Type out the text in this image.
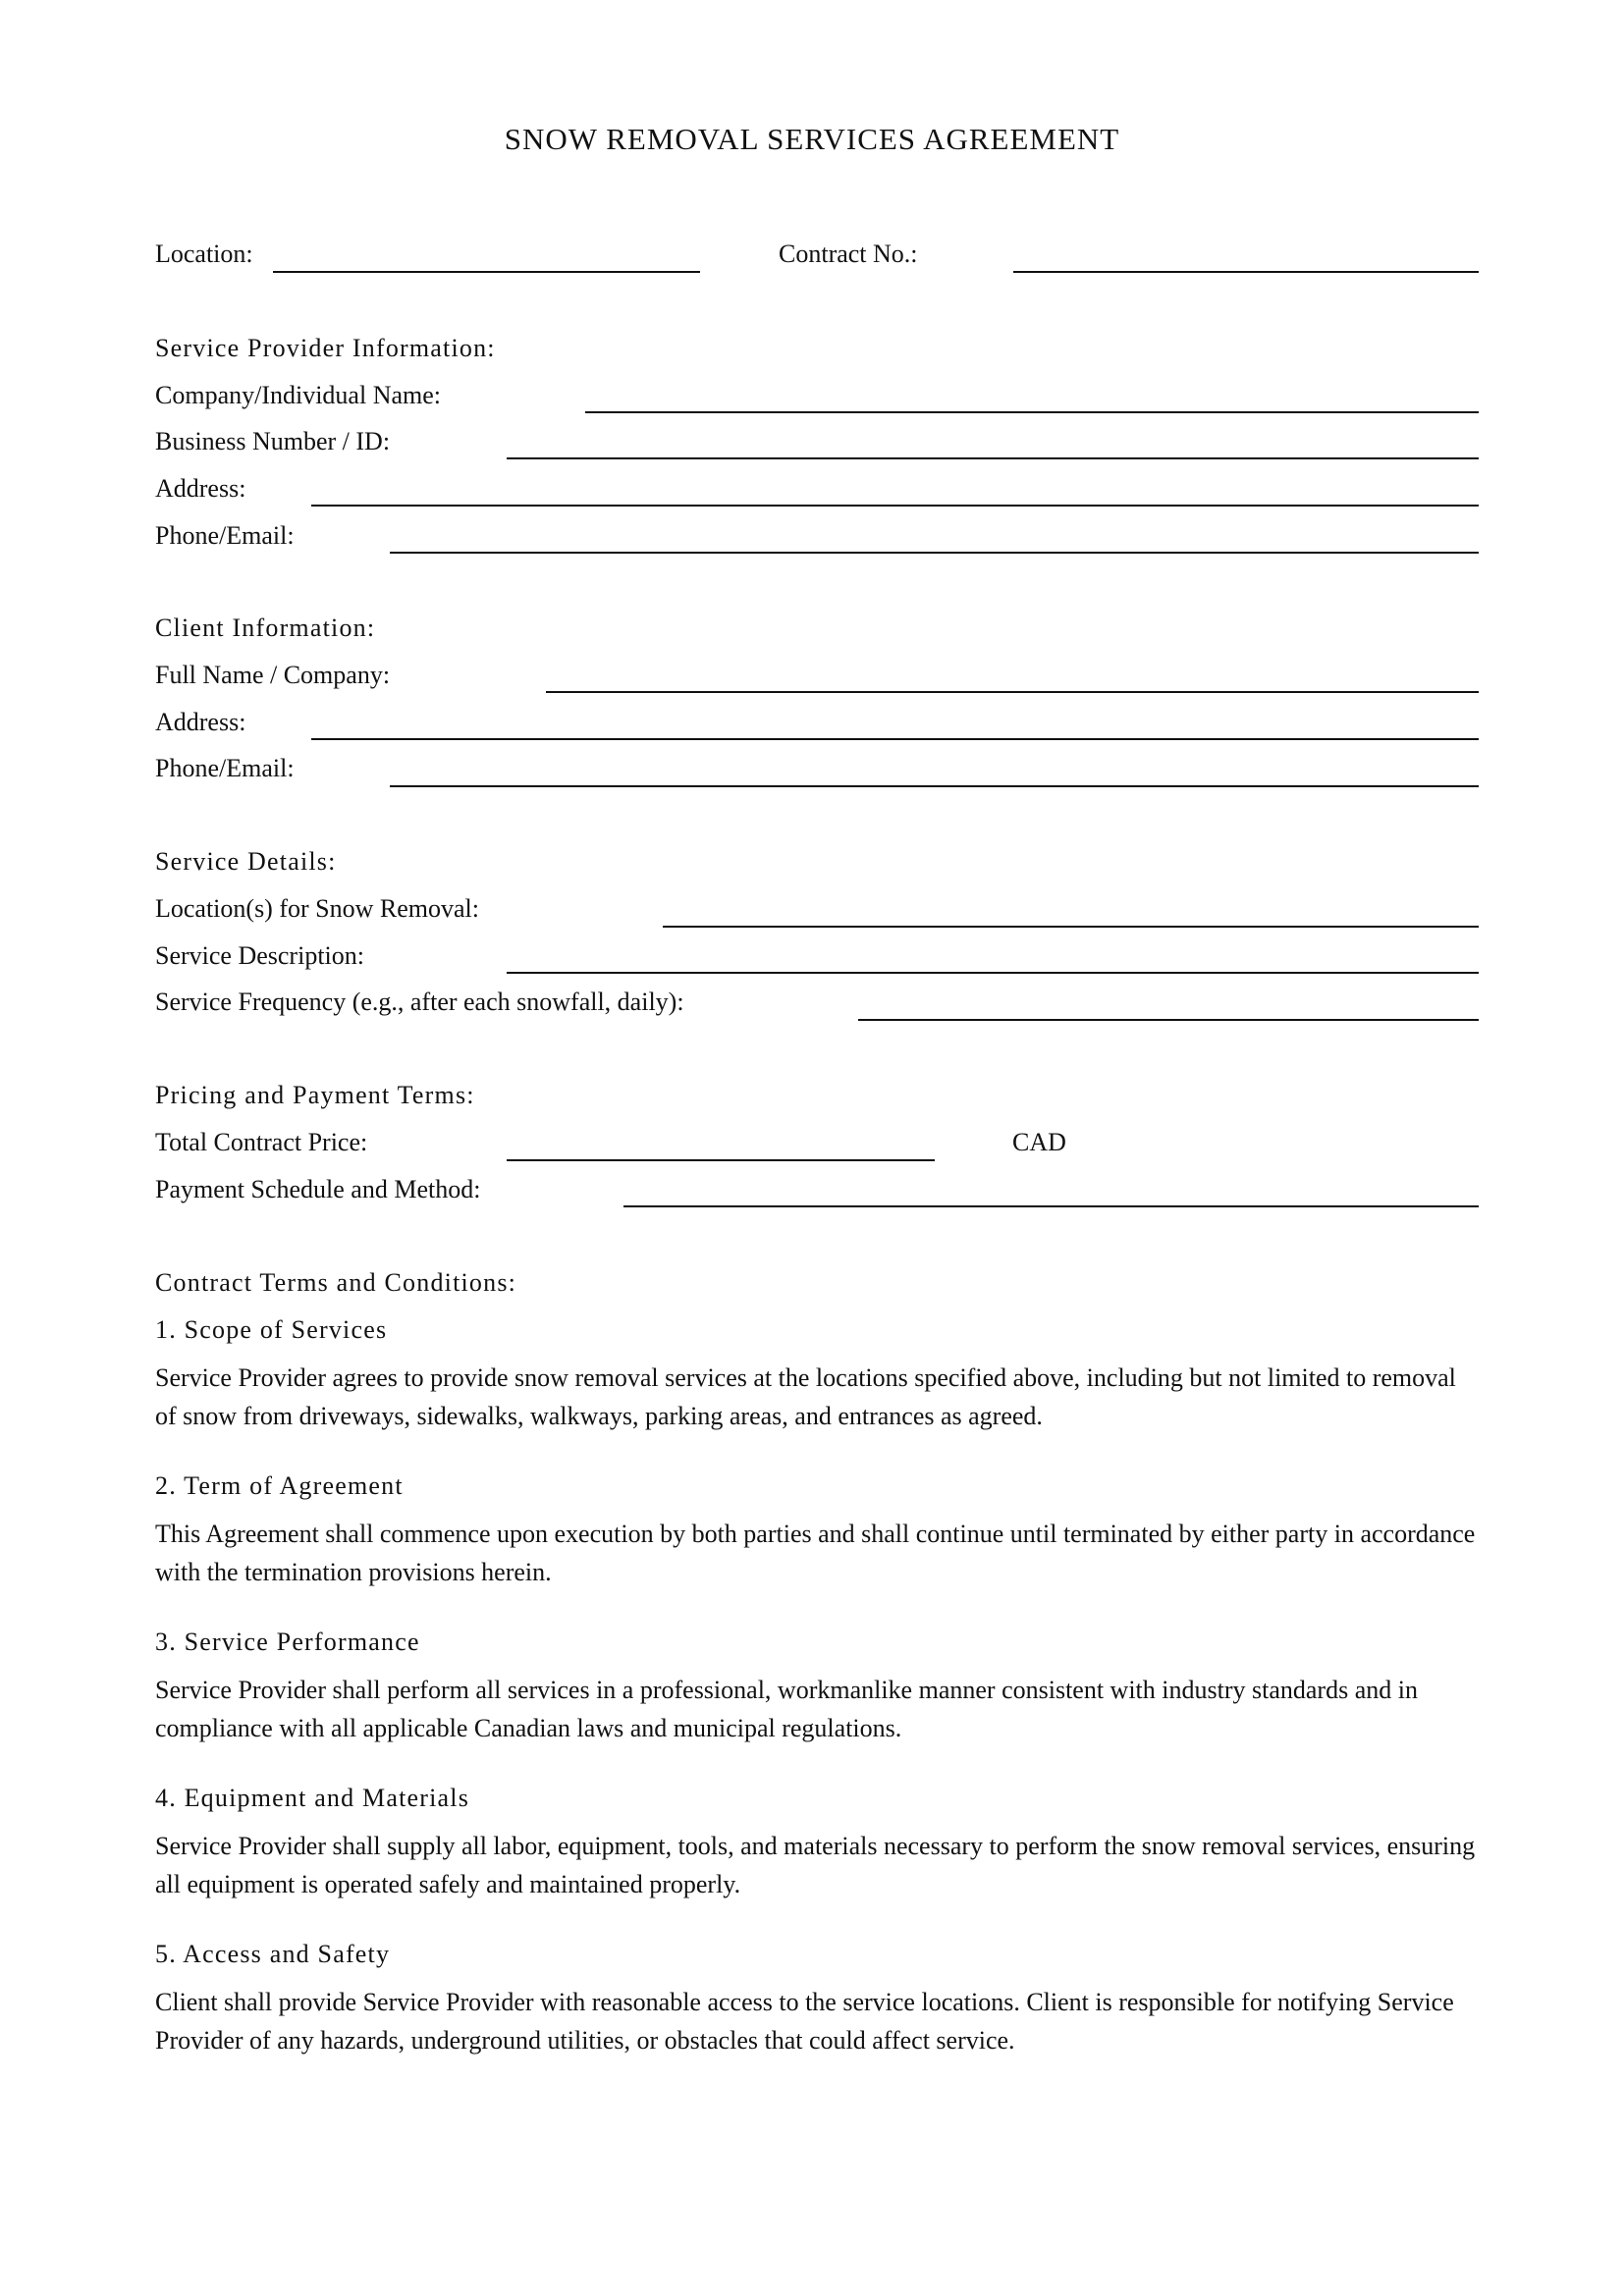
SNOW REMOVAL SERVICES AGREEMENT
Location:	Contract No.:
Service Provider Information:
Company/Individual Name:
Business Number / ID:
Address:
Phone/Email:
Client Information:
Full Name / Company:
Address:
Phone/Email:
Service Details:
Location(s) for Snow Removal:
Service Description:
Service Frequency (e.g., after each snowfall, daily):
Pricing and Payment Terms:
Total Contract Price:	CAD
Payment Schedule and Method:
Contract Terms and Conditions:
1. Scope of Services
Service Provider agrees to provide snow removal services at the locations specified above, including but not limited to removal of snow from driveways, sidewalks, walkways, parking areas, and entrances as agreed.
2. Term of Agreement
This Agreement shall commence upon execution by both parties and shall continue until terminated by either party in accordance with the termination provisions herein.
3. Service Performance
Service Provider shall perform all services in a professional, workmanlike manner consistent with industry standards and in compliance with all applicable Canadian laws and municipal regulations.
4. Equipment and Materials
Service Provider shall supply all labor, equipment, tools, and materials necessary to perform the snow removal services, ensuring all equipment is operated safely and maintained properly.
5. Access and Safety
Client shall provide Service Provider with reasonable access to the service locations. Client is responsible for notifying Service Provider of any hazards, underground utilities, or obstacles that could affect service.
